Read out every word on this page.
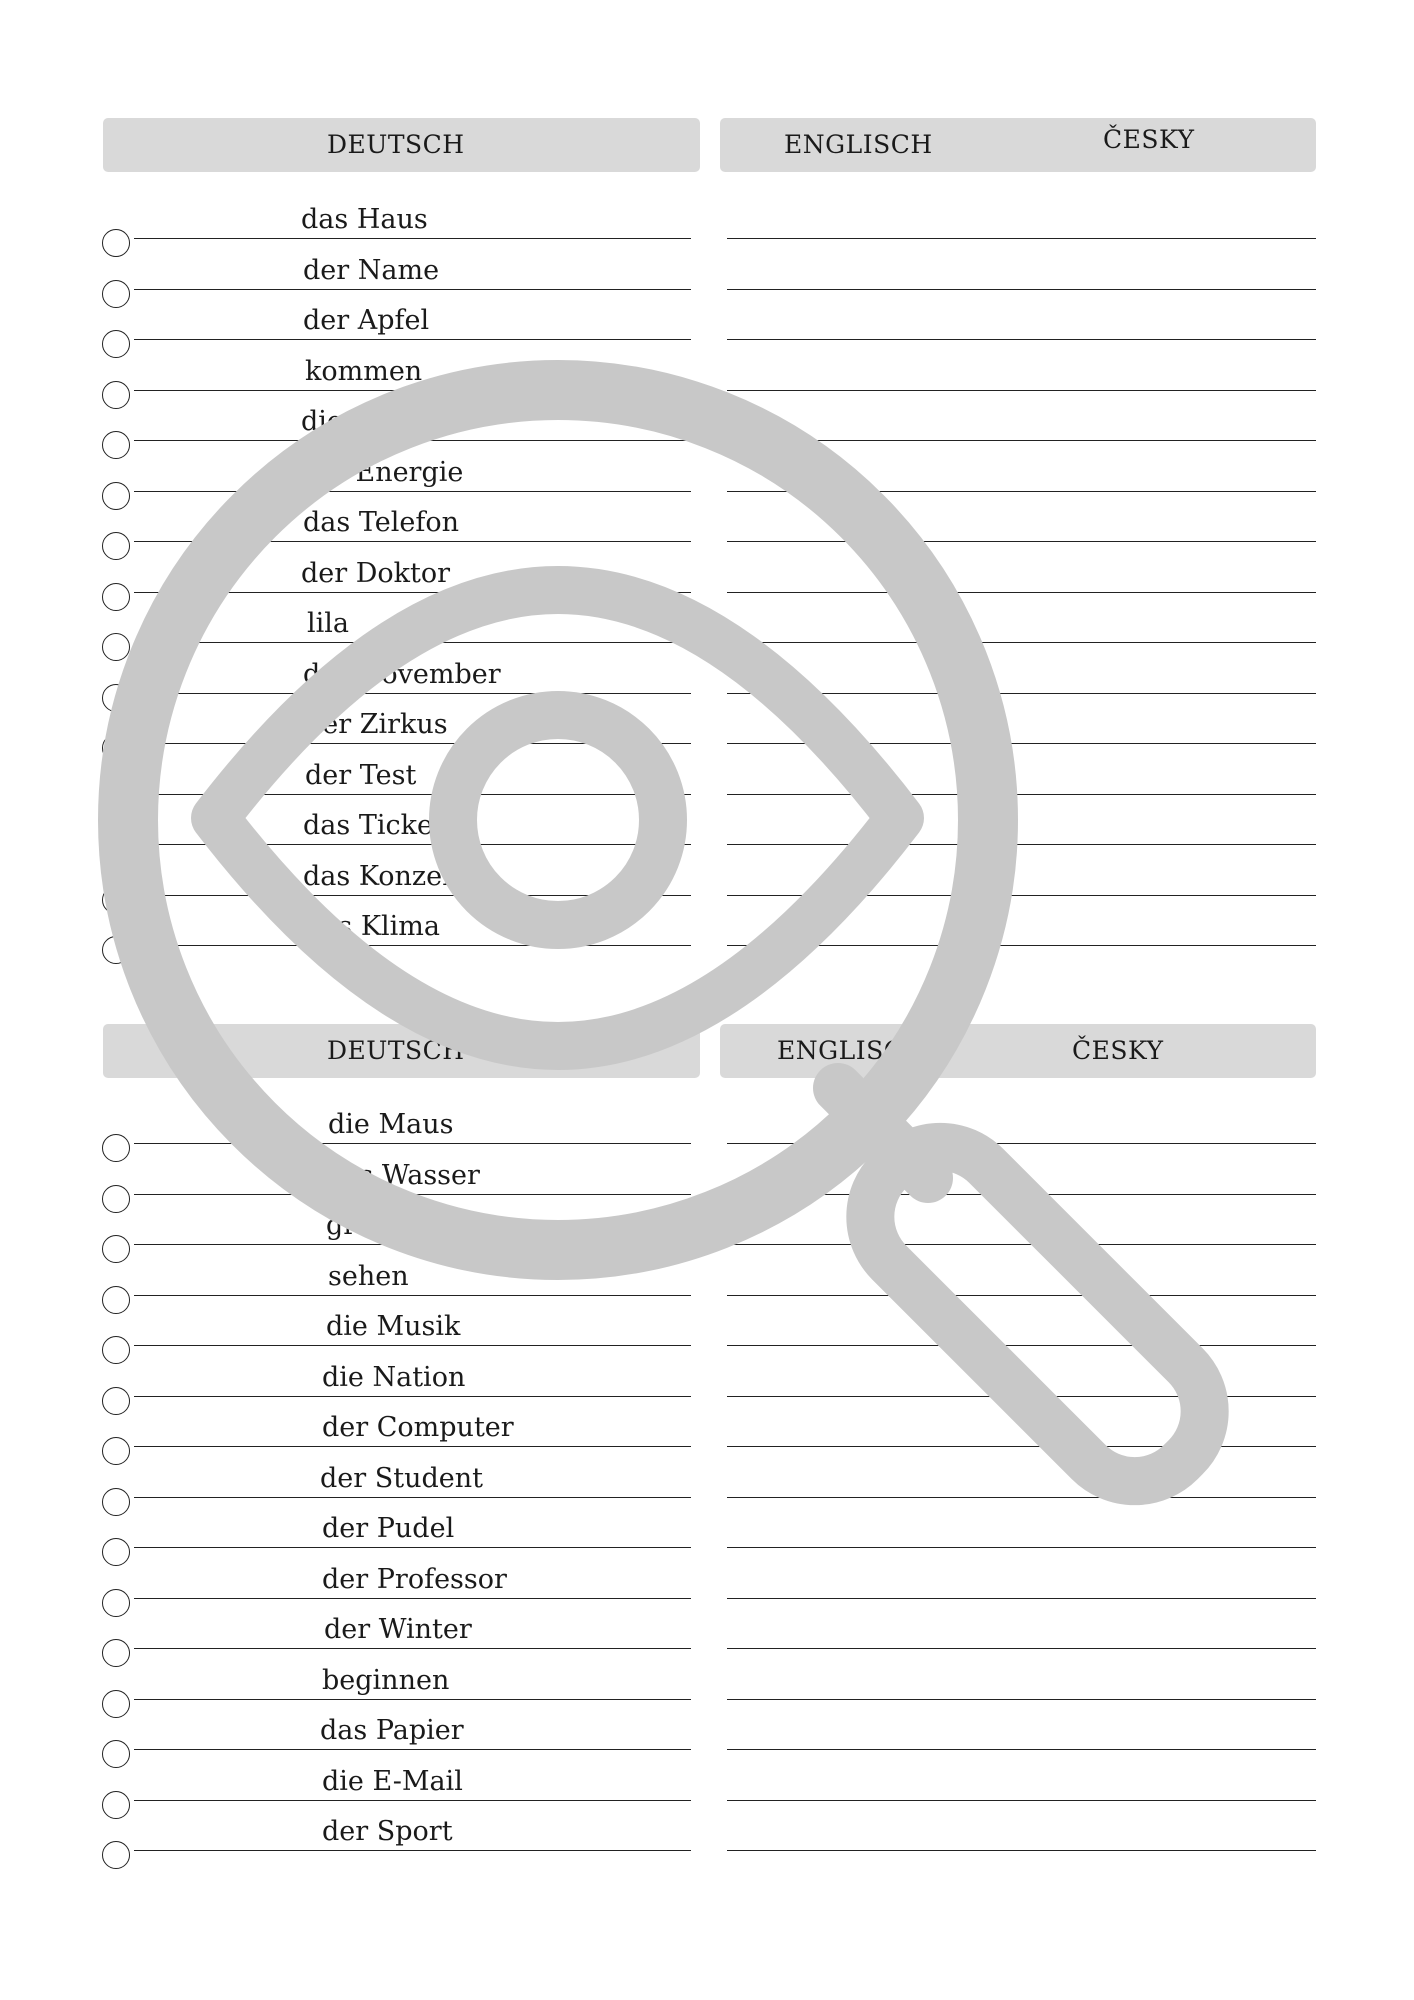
DEUTSCH	ENGLISCH	ČESKY
das Haus
der Name
der Apfel
kommen
die
die Energie
das Telefon
der Doktor
lila
der November
der Zirkus
der Test
das Ticket
das Konzert
das Klima
DEUTSCH	ENGLISCH	ČESKY
die Maus
das Wasser
grün
sehen
die Musik
die Nation
der Computer
der Student
der Pudel
der Professor
der Winter
beginnen
das Papier
die E-Mail
der Sport
